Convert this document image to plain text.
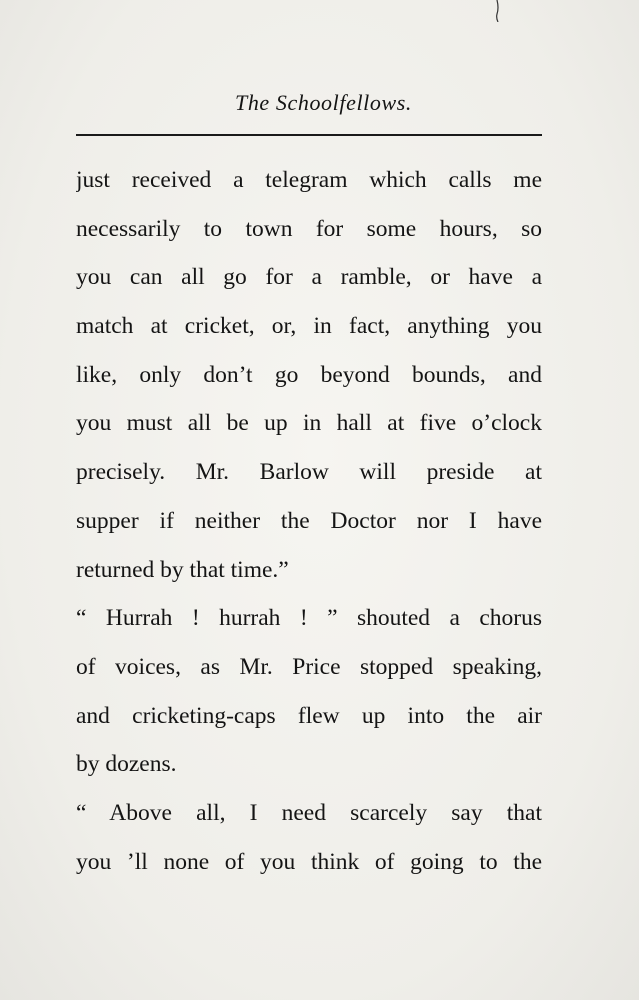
The Schoolfellows.
just received a telegram which calls me
necessarily to town for some hours, so
you can all go for a ramble, or have a
match at cricket, or, in fact, anything you
like, only don’t go beyond bounds, and
you must all be up in hall at five o’clock
precisely. Mr. Barlow will preside at
supper if neither the Doctor nor I have
returned by that time.”
“ Hurrah ! hurrah ! ” shouted a chorus
of voices, as Mr. Price stopped speaking,
and cricketing-caps flew up into the air
by dozens.
“ Above all, I need scarcely say that
you ’ll none of you think of going to the
